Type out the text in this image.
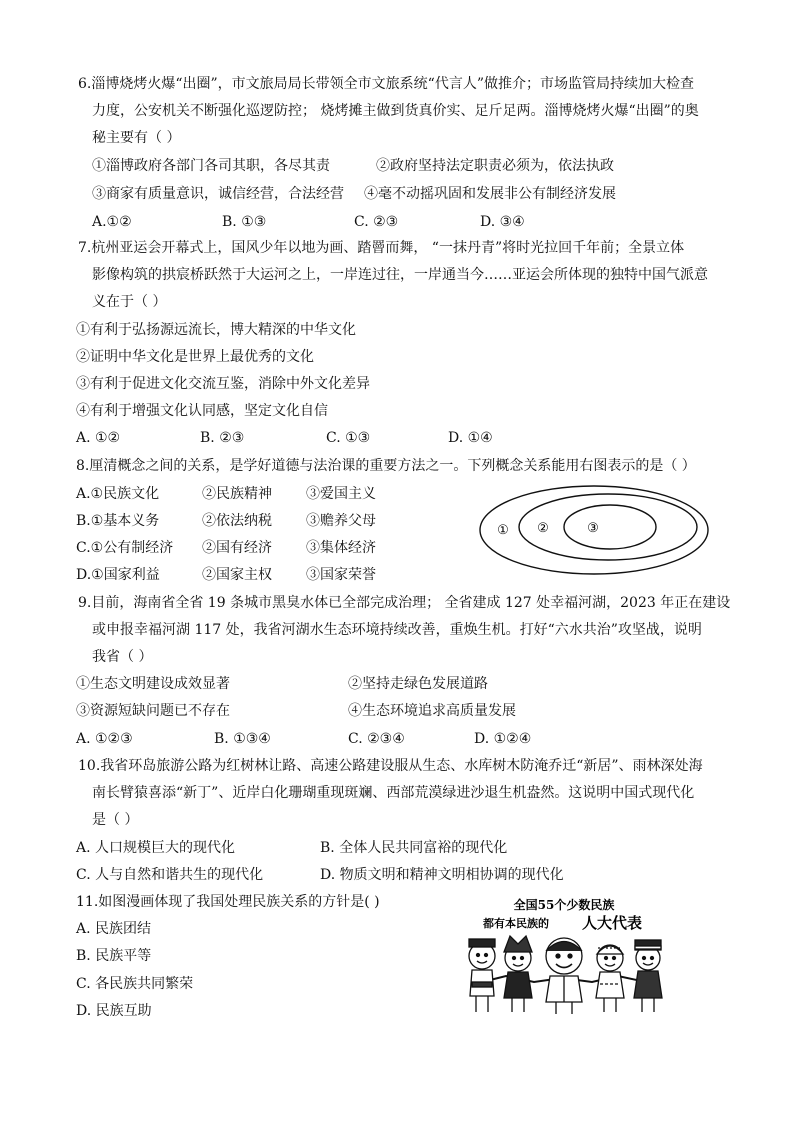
6.淄博烧烤火爆“出圈”，市文旅局局长带领全市文旅系统“代言人”做推介；市场监管局持续加大检查
力度，公安机关不断强化巡逻防控； 烧烤摊主做到货真价实、足斤足两。淄博烧烤火爆“出圈”的奥
秘主要有（ ）
①淄博政府各部门各司其职，各尽其责	②政府坚持法定职责必须为，依法执政
③商家有质量意识，诚信经营，合法经营 ④毫不动摇巩固和发展非公有制经济发展
A.①②	B. ①③	C. ②③	D. ③④
7.杭州亚运会开幕式上，国风少年以地为画、踏罾而舞， “一抹丹青”将时光拉回千年前；全景立体
影像构筑的拱宸桥跃然于大运河之上，一岸连过往，一岸通当今……亚运会所体现的独特中国气派意
义在于（ ）
①有利于弘扬源远流长，博大精深的中华文化
②证明中华文化是世界上最优秀的文化
③有利于促进文化交流互鉴，消除中外文化差异
④有利于增强文化认同感，坚定文化自信
A. ①②	B. ②③	C. ①③	D. ①④
8.厘清概念之间的关系，是学好道德与法治课的重要方法之一。下列概念关系能用右图表示的是（ ）
A.①民族文化	②民族精神 ③爱国主义
B.①基本义务	②依法纳税 ③赡养父母
C.①公有制经济 ②国有经济 ③集体经济
D.①国家利益	②国家主权 ③国家荣誉
① ②	③
9.目前，海南省全省 19 条城市黑臭水体已全部完成治理； 全省建成 127 处幸福河湖，2023 年正在建设
或申报幸福河湖 117 处，我省河湖水生态环境持续改善，重焕生机。打好“六水共治”攻坚战，说明
我省（ ）
①生态文明建设成效显著	②坚持走绿色发展道路
③资源短缺问题已不存在	④生态环境追求高质量发展
A. ①②③	B. ①③④	C. ②③④	D. ①②④
10.我省环岛旅游公路为红树林让路、高速公路建设服从生态、水库树木防淹乔迁“新居”、雨林深处海
南长臂猿喜添“新丁”、近岸白化珊瑚重现斑斓、西部荒漠绿进沙退生机盎然。这说明中国式现代化
是（ ）
A. 人口规模巨大的现代化	B. 全体人民共同富裕的现代化
C. 人与自然和谐共生的现代化	D. 物质文明和精神文明相协调的现代化
11.如图漫画体现了我国处理民族关系的方针是( )
A. 民族团结
B. 民族平等
C. 各民族共同繁荣
D. 民族互助
全国55个少数民族
都有本民族的 人大代表
